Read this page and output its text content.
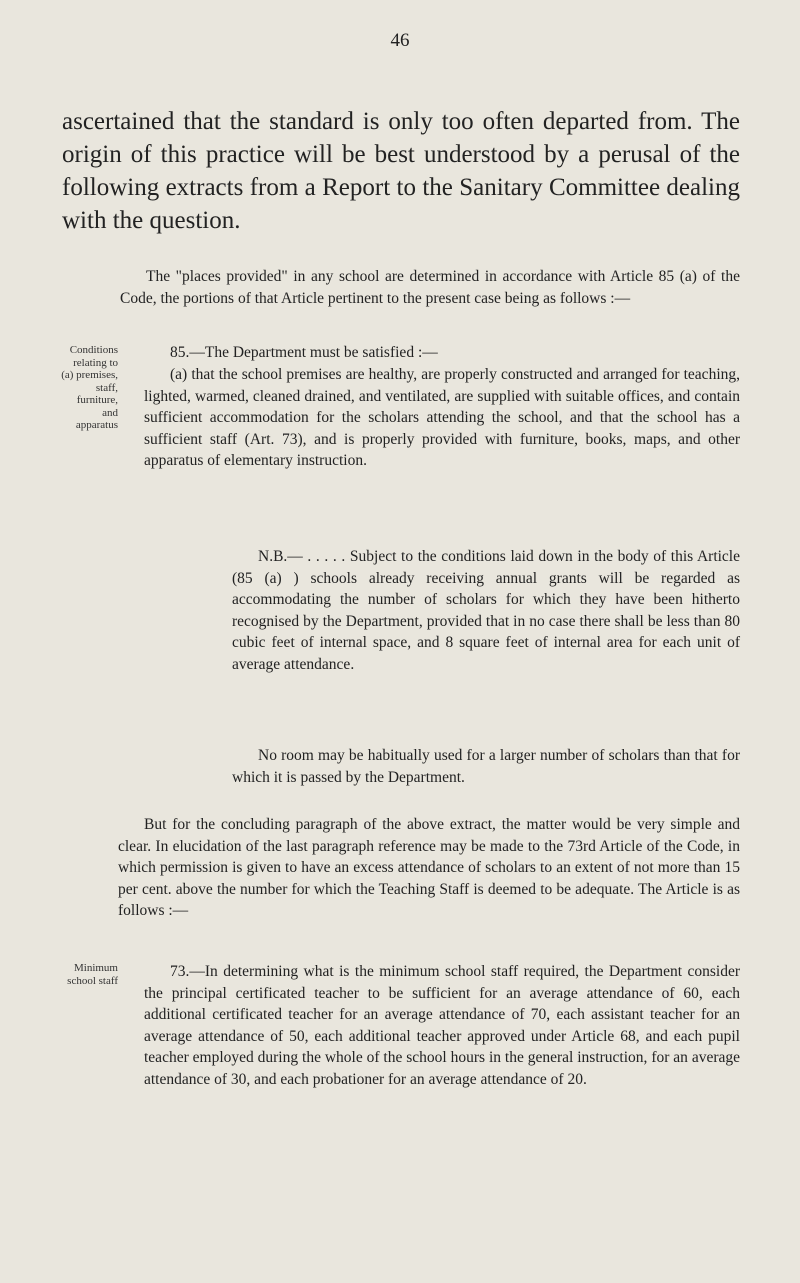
46

ascertained that the standard is only too often departed from. The origin of this practice will be best understood by a perusal of the following extracts from a Report to the Sanitary Committee dealing with the question.

The "places provided" in any school are determined in accordance with Article 85 (a) of the Code, the portions of that Article pertinent to the present case being as follows :—

Conditions relating to (a) premises, staff, furniture, and apparatus

85.—The Department must be satisfied :—

(a) that the school premises are healthy, are properly constructed and arranged for teaching, lighted, warmed, cleaned drained, and ventilated, are supplied with suitable offices, and contain sufficient accommodation for the scholars attending the school, and that the school has a sufficient staff (Art. 73), and is properly provided with furniture, books, maps, and other apparatus of elementary instruction.

N.B.— . . . . . Subject to the conditions laid down in the body of this Article (85 (a) ) schools already receiving annual grants will be regarded as accommodating the number of scholars for which they have been hitherto recognised by the Department, provided that in no case there shall be less than 80 cubic feet of internal space, and 8 square feet of internal area for each unit of average attendance.

No room may be habitually used for a larger number of scholars than that for which it is passed by the Department.

But for the concluding paragraph of the above extract, the matter would be very simple and clear. In elucidation of the last paragraph reference may be made to the 73rd Article of the Code, in which permission is given to have an excess attendance of scholars to an extent of not more than 15 per cent. above the number for which the Teaching Staff is deemed to be adequate. The Article is as follows :—

Minimum school staff

73.—In determining what is the minimum school staff required, the Department consider the principal certificated teacher to be sufficient for an average attendance of 60, each additional certificated teacher for an average attendance of 70, each assistant teacher for an average attendance of 50, each additional teacher approved under Article 68, and each pupil teacher employed during the whole of the school hours in the general instruction, for an average attendance of 30, and each probationer for an average attendance of 20.
